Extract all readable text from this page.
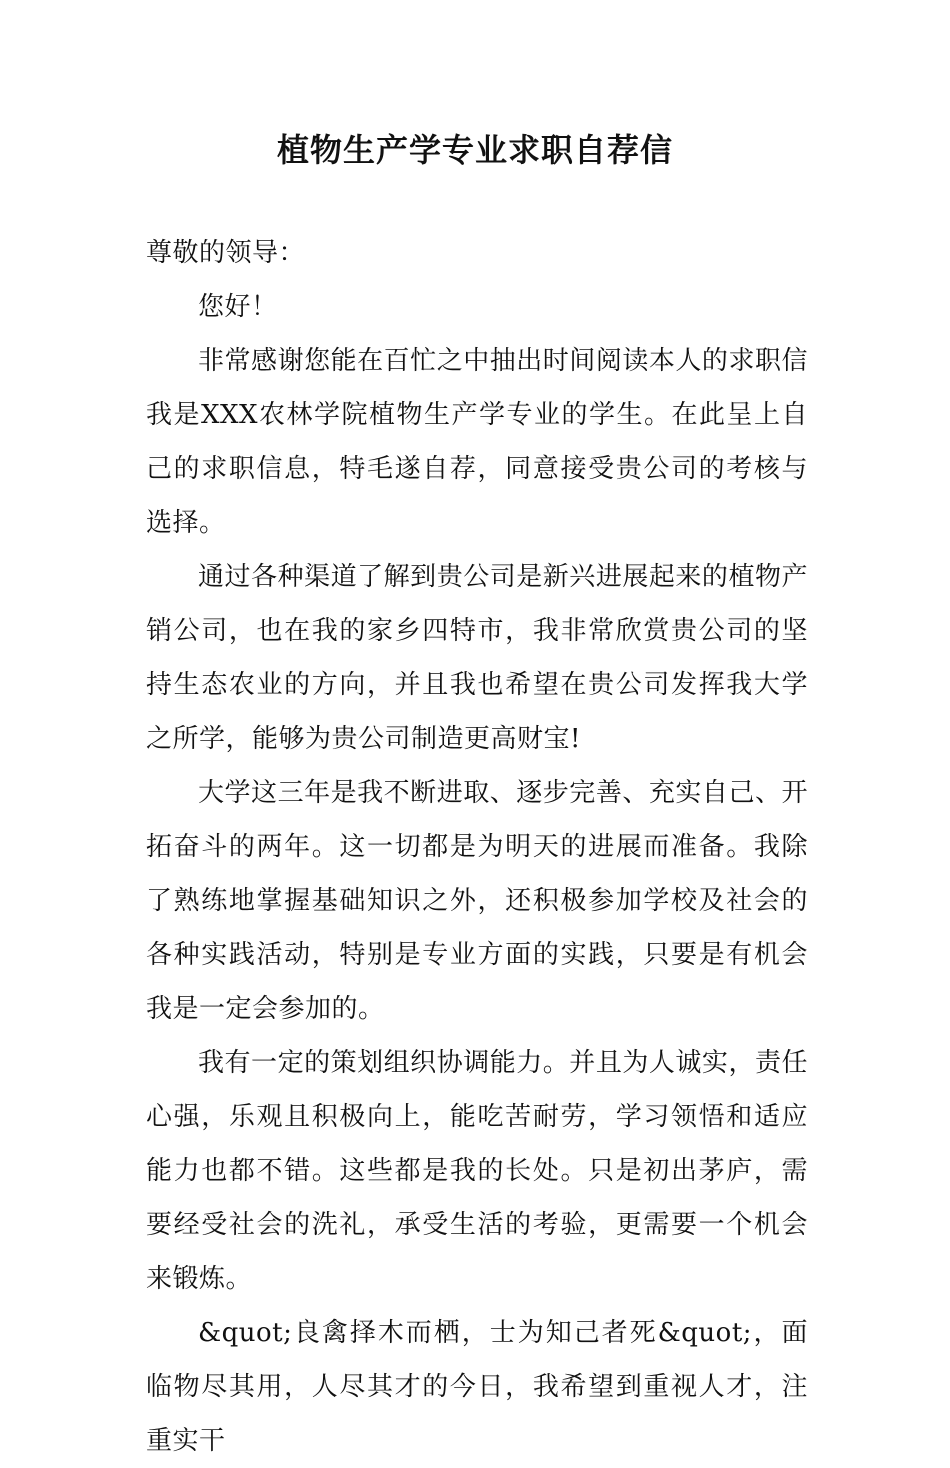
植物生产学专业求职自荐信

尊敬的领导：

您好！

非常感谢您能在百忙之中抽出时间阅读本人的求职信我是XXX农林学院植物生产学专业的学生。在此呈上自己的求职信息，特毛遂自荐，同意接受贵公司的考核与选择。

通过各种渠道了解到贵公司是新兴进展起来的植物产销公司，也在我的家乡四特市，我非常欣赏贵公司的坚持生态农业的方向，并且我也希望在贵公司发挥我大学之所学，能够为贵公司制造更高财宝!

大学这三年是我不断进取、逐步完善、充实自己、开拓奋斗的两年。这一切都是为明天的进展而准备。我除了熟练地掌握基础知识之外，还积极参加学校及社会的各种实践活动，特别是专业方面的实践，只要是有机会我是一定会参加的。

我有一定的策划组织协调能力。并且为人诚实，责任心强，乐观且积极向上，能吃苦耐劳，学习领悟和适应能力也都不错。这些都是我的长处。只是初出茅庐，需要经受社会的洗礼，承受生活的考验，更需要一个机会来锻炼。

&quot;良禽择木而栖，士为知己者死&quot;，面临物尽其用，人尽其才的今日，我希望到重视人才，注重实干
